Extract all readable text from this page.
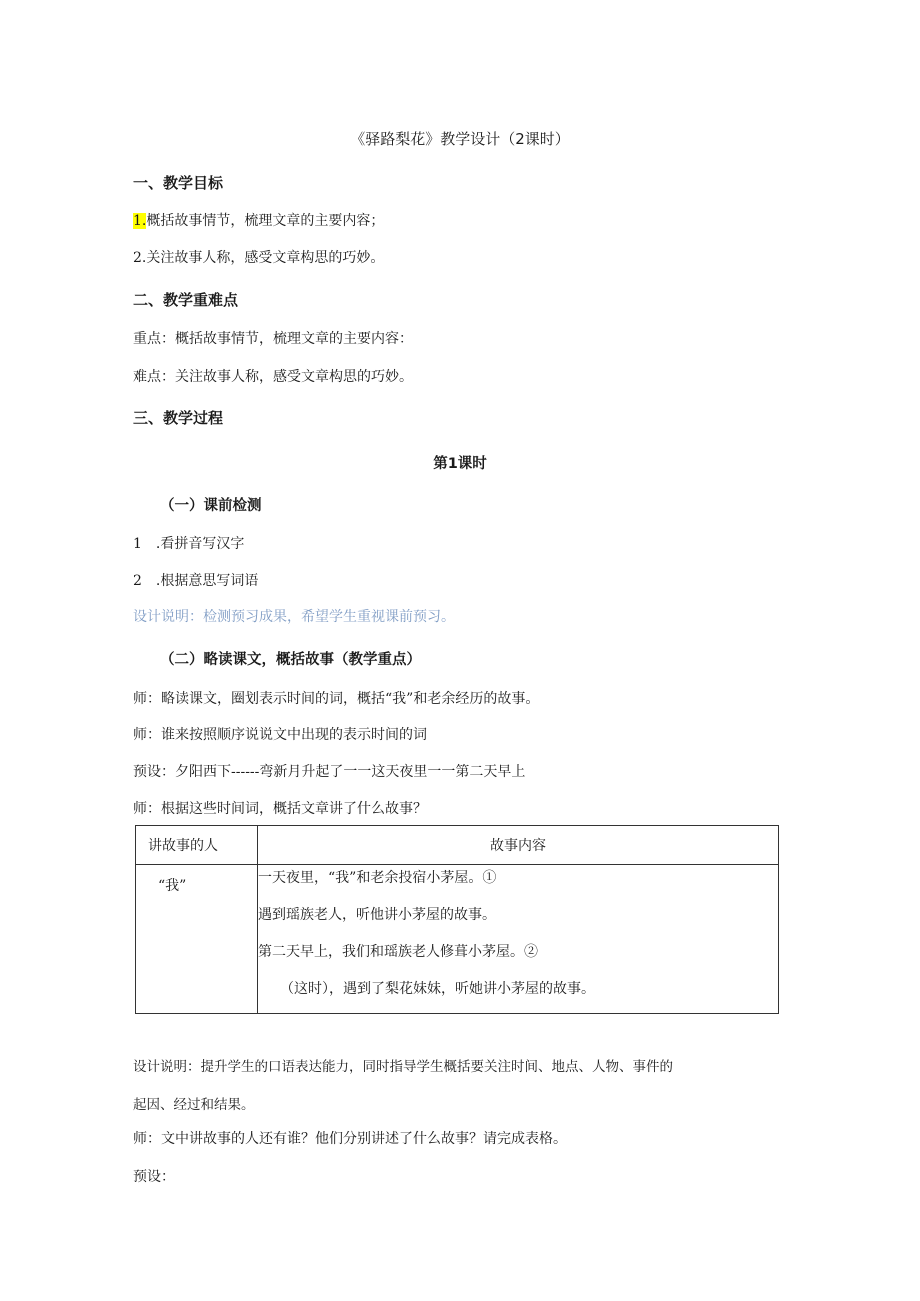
《驿路梨花》教学设计（2课时）
一、教学目标
1.概括故事情节，梳理文章的主要内容；
2.关注故事人称，感受文章构思的巧妙。
二、教学重难点
重点：概括故事情节，梳理文章的主要内容：
难点：关注故事人称，感受文章构思的巧妙。
三、教学过程
第1课时
（一）课前检测
1　.看拼音写汉字
2　.根据意思写词语
设计说明：检测预习成果，希望学生重视课前预习。
（二）略读课文，概括故事（教学重点）
师：略读课文，圈划表示时间的词，概括“我”和老余经历的故事。
师：谁来按照顺序说说文中出现的表示时间的词
预设：夕阳西下------弯新月升起了一一这天夜里一一第二天早上
师：根据这些时间词，概括文章讲了什么故事？
讲故事的人	故事内容
“我”	一天夜里，“我”和老余投宿小茅屋。①
遇到瑶族老人，听他讲小茅屋的故事。
第二天早上，我们和瑶族老人修葺小茅屋。②
（这时），遇到了梨花妹妹，听她讲小茅屋的故事。
设计说明：提升学生的口语表达能力，同时指导学生概括要关注时间、地点、人物、事件的
起因、经过和结果。
师：文中讲故事的人还有谁？他们分别讲述了什么故事？请完成表格。
预设：
